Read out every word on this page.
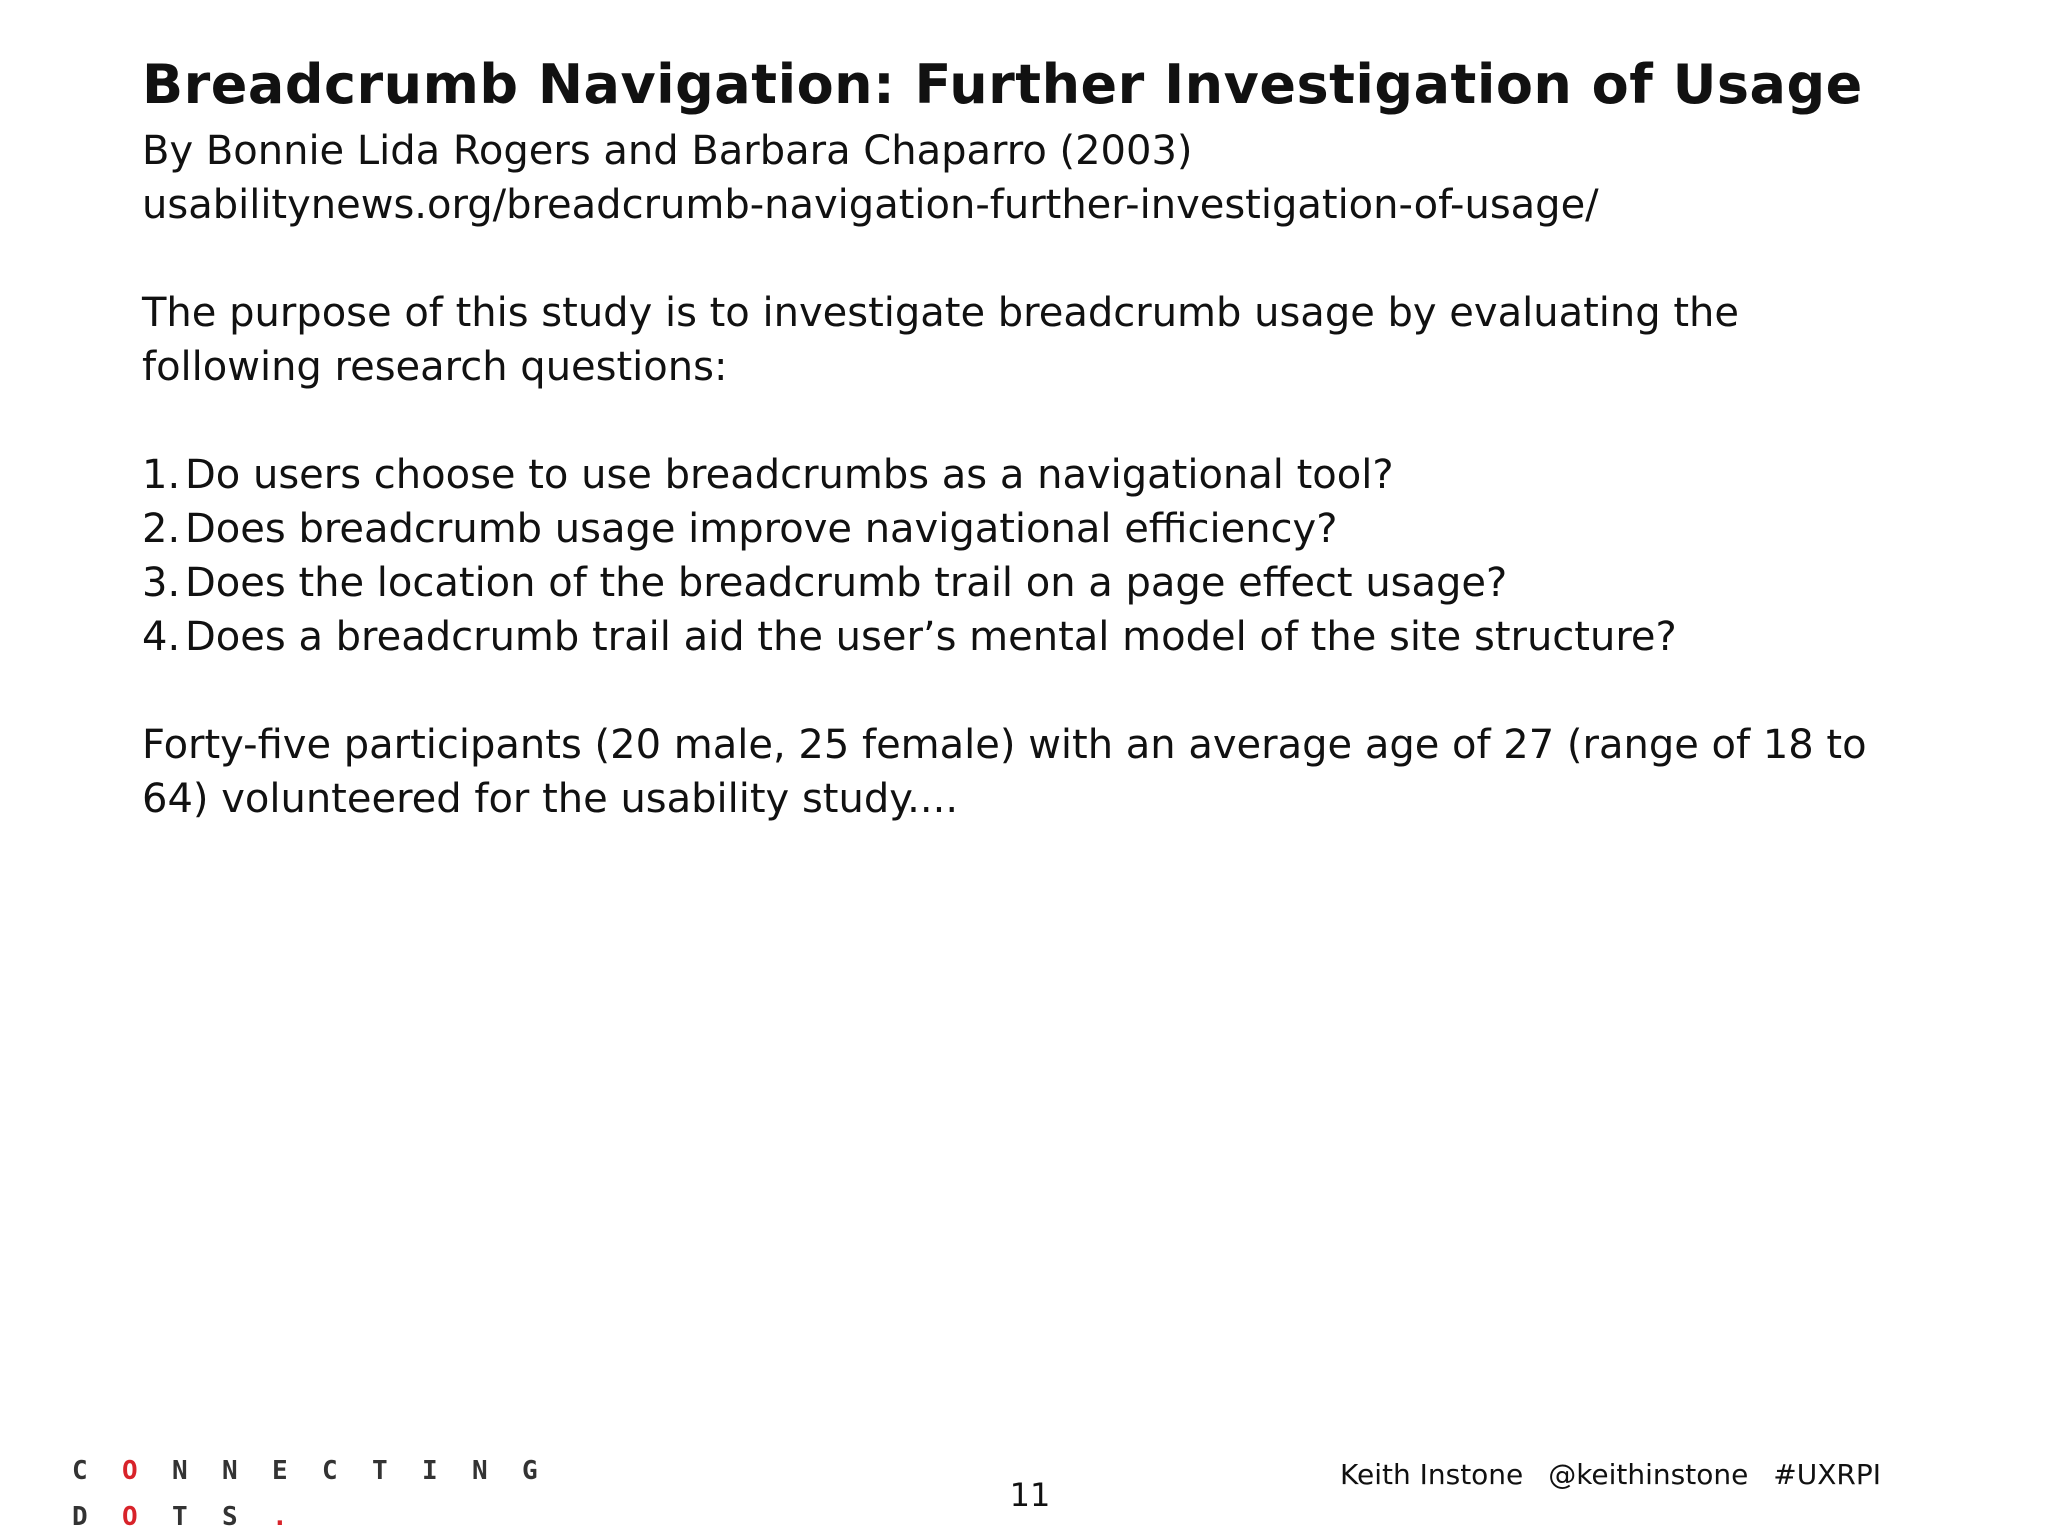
Breadcrumb Navigation: Further Investigation of Usage

By Bonnie Lida Rogers and Barbara Chaparro (2003)

usabilitynews.org/breadcrumb-navigation-further-investigation-of-usage/

The purpose of this study is to investigate breadcrumb usage by evaluating the following research questions:

1. Do users choose to use breadcrumbs as a navigational tool?
2. Does breadcrumb usage improve navigational efficiency?
3. Does the location of the breadcrumb trail on a page effect usage?
4. Does a breadcrumb trail aid the user’s mental model of the site structure?

Forty-five participants (20 male, 25 female) with an average age of 27 (range of 18 to 64) volunteered for the usability study....

C	O	N	N	E	C	T	I	N	G
D	O	T	S	.
11
Keith Instone @keithinstone #UXRPI
